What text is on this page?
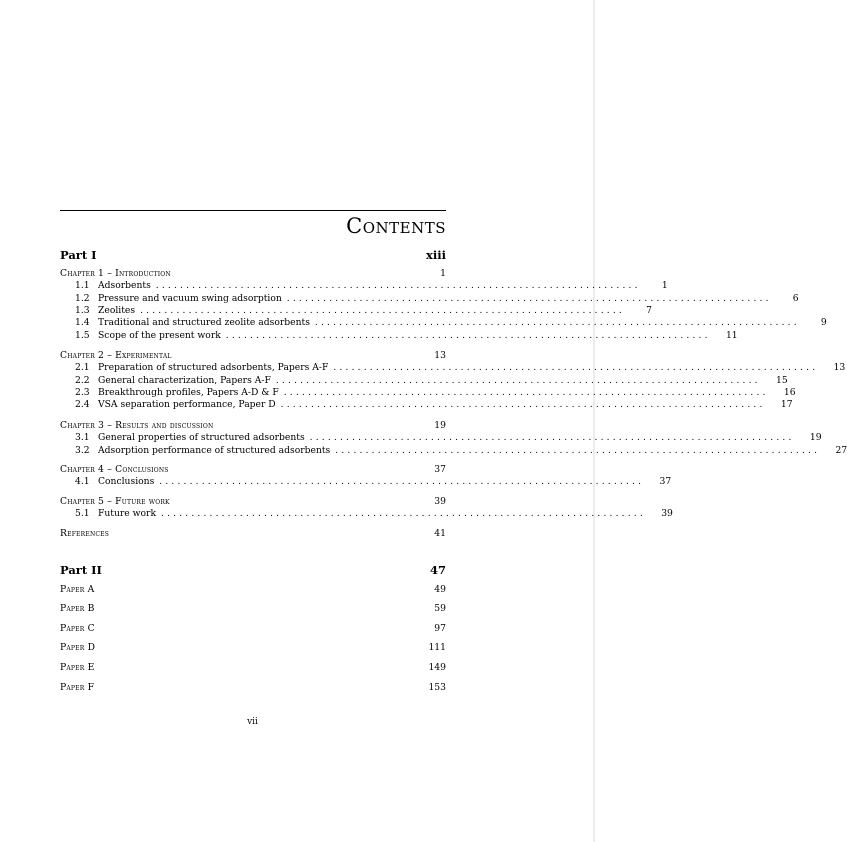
Contents
Part I	xiii
Chapter 1 – Introduction	1
1.1 Adsorbents ................................................................................	1
1.2 Pressure and vacuum swing adsorption ................................................................................	6
1.3 Zeolites ................................................................................	7
1.4 Traditional and structured zeolite adsorbents ................................................................................	9
1.5 Scope of the present work ................................................................................	11
Chapter 2 – Experimental	13
2.1 Preparation of structured adsorbents, Papers A-F ................................................................................	13
2.2 General characterization, Papers A-F ................................................................................	15
2.3 Breakthrough profiles, Papers A-D & F ................................................................................	16
2.4 VSA separation performance, Paper D ................................................................................	17
Chapter 3 – Results and discussion	19
3.1 General properties of structured adsorbents ................................................................................	19
3.2 Adsorption performance of structured adsorbents ................................................................................	27
Chapter 4 – Conclusions	37
4.1 Conclusions ................................................................................	37
Chapter 5 – Future work	39
5.1 Future work ................................................................................	39
References	41
Part II	47
Paper A	49
Paper B	59
Paper C	97
Paper D	111
Paper E	149
Paper F	153
vii
